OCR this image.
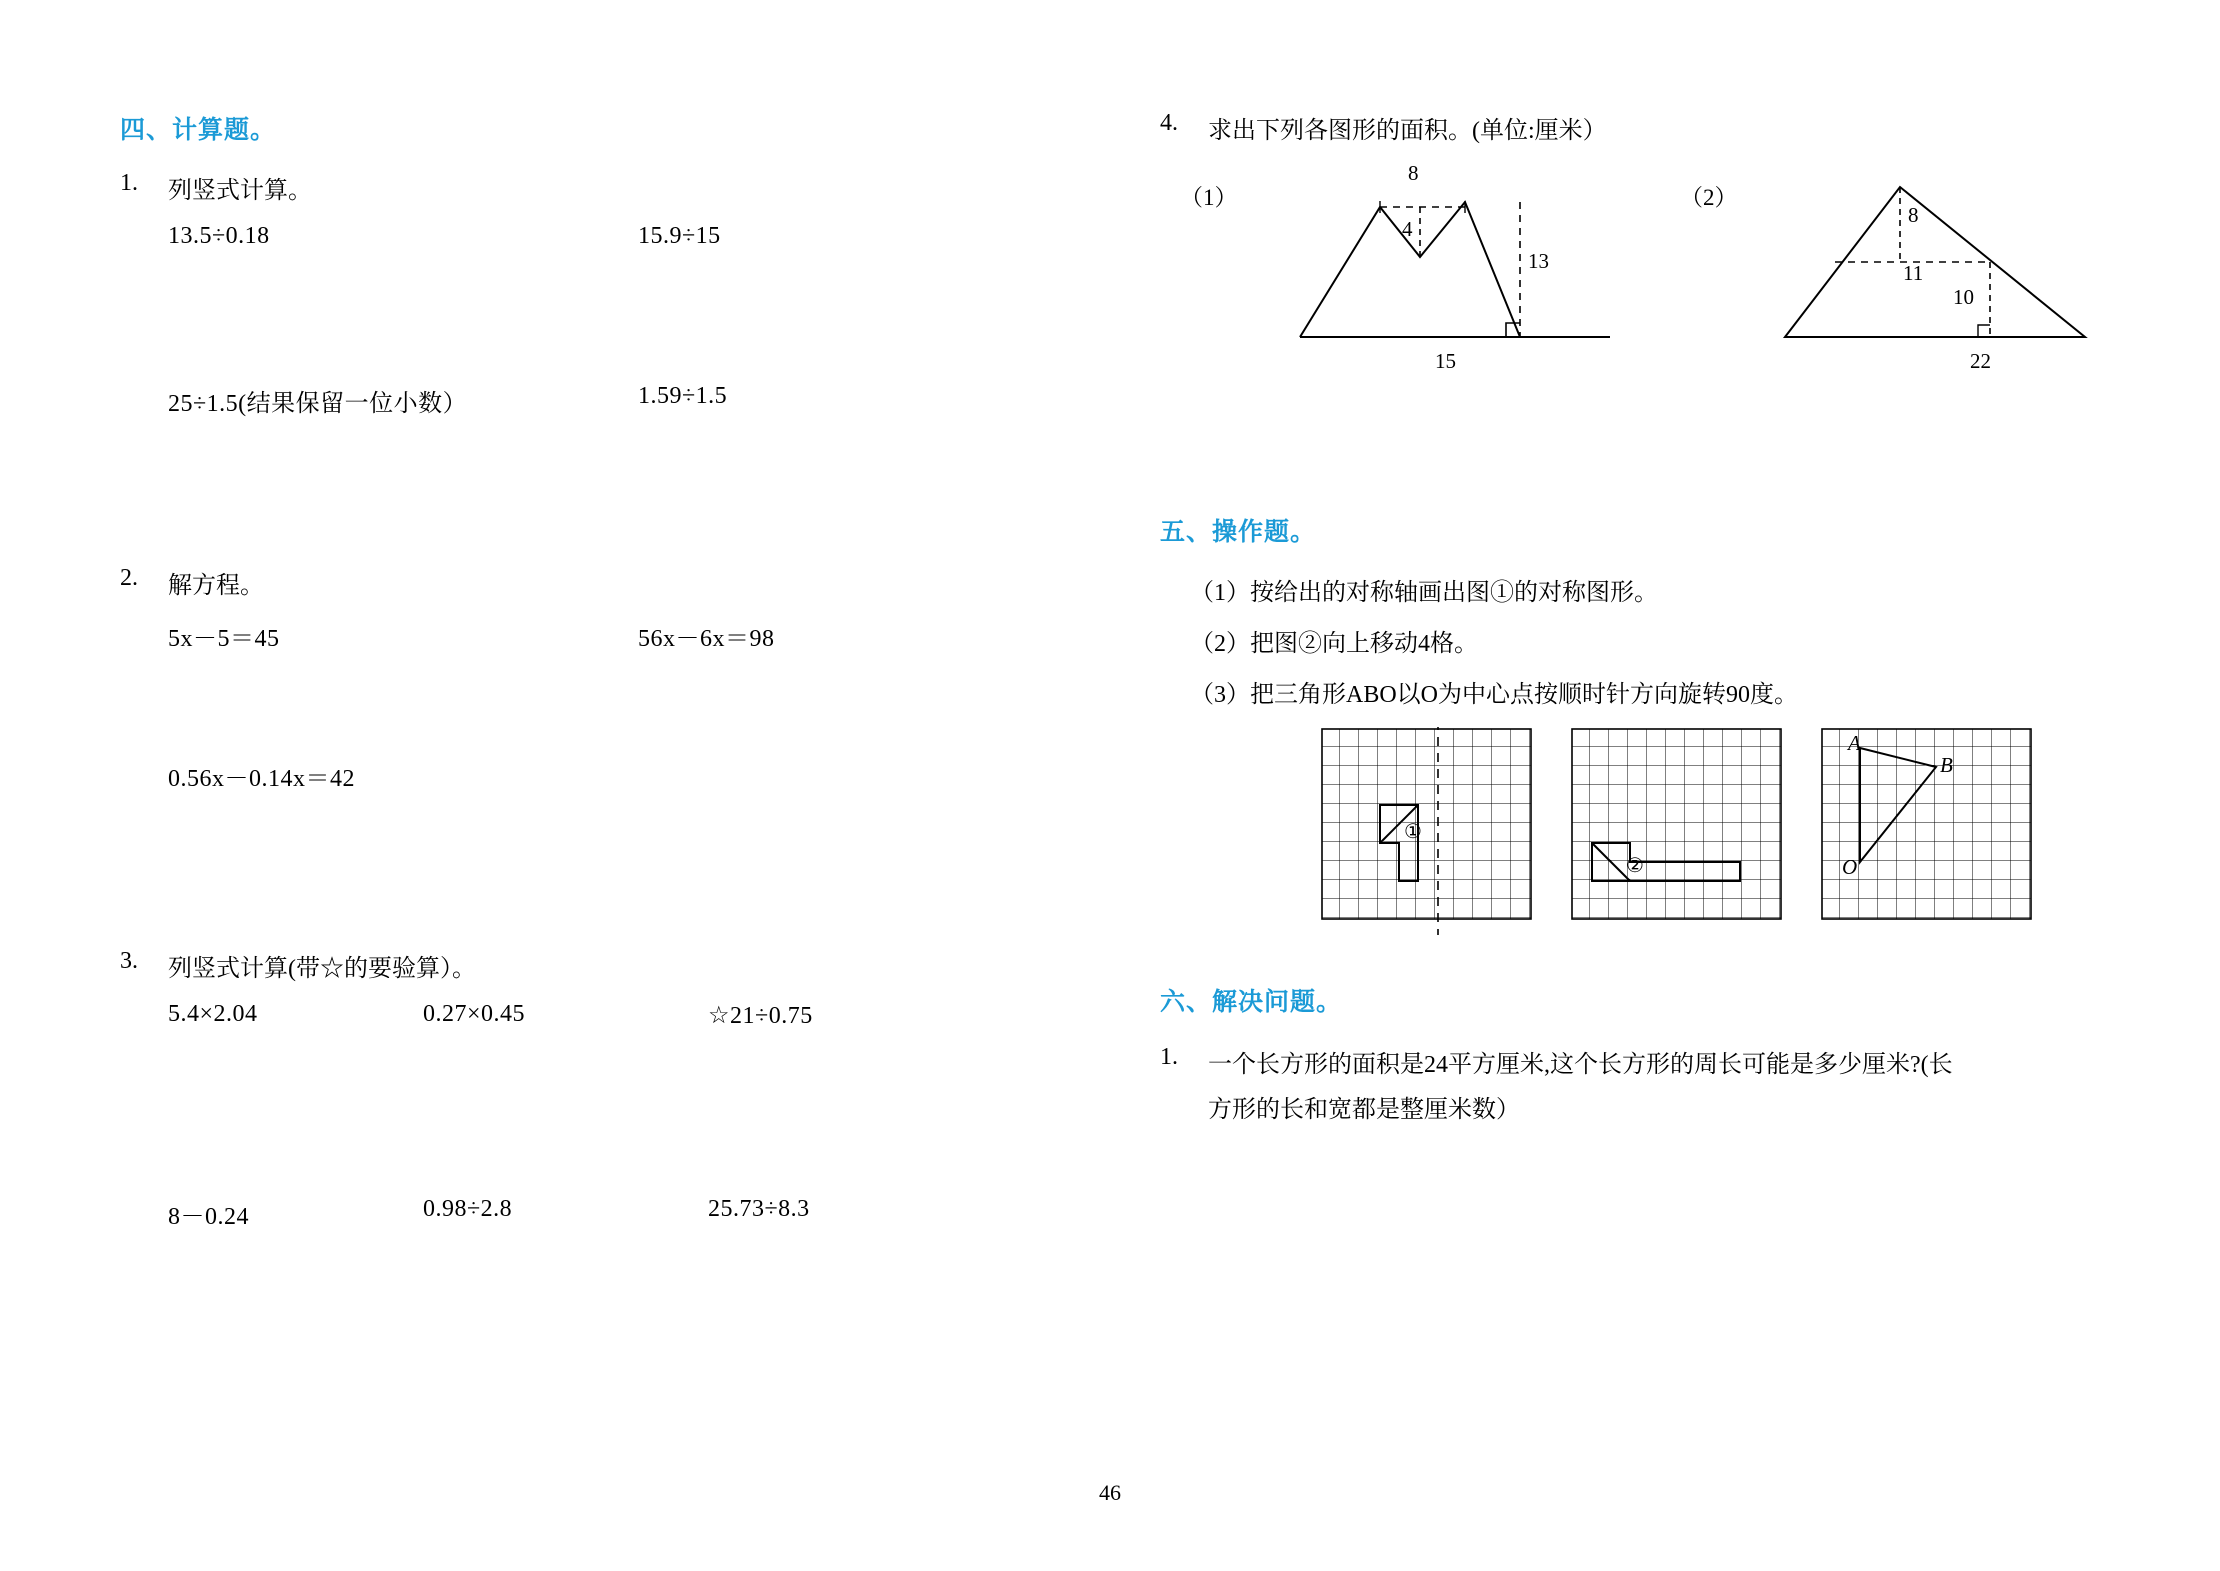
四、计算题。
1.	列竖式计算。
13.5÷0.18	15.9÷15
25÷1.5(结果保留一位小数）	1.59÷1.5
2.	解方程。
5x－5＝45	56x－6x＝98
0.56x－0.14x＝42
3.	列竖式计算(带☆的要验算）。
5.4×2.04	0.27×0.45	☆21÷0.75
8－0.24	0.98÷2.8	25.73÷8.3
4.	求出下列各图形的面积。(单位:厘米）
（1）
8
4
13
15
（2）
8
11
10
22
五、操作题。
（1）按给出的对称轴画出图①的对称图形。
（2）把图②向上移动4格。
（3）把三角形ABO以O为中心点按顺时针方向旋转90度。
①
②
A
B
O
六、解决问题。
1.	一个长方形的面积是24平方厘米,这个长方形的周长可能是多少厘米?(长
方形的长和宽都是整厘米数）
46
